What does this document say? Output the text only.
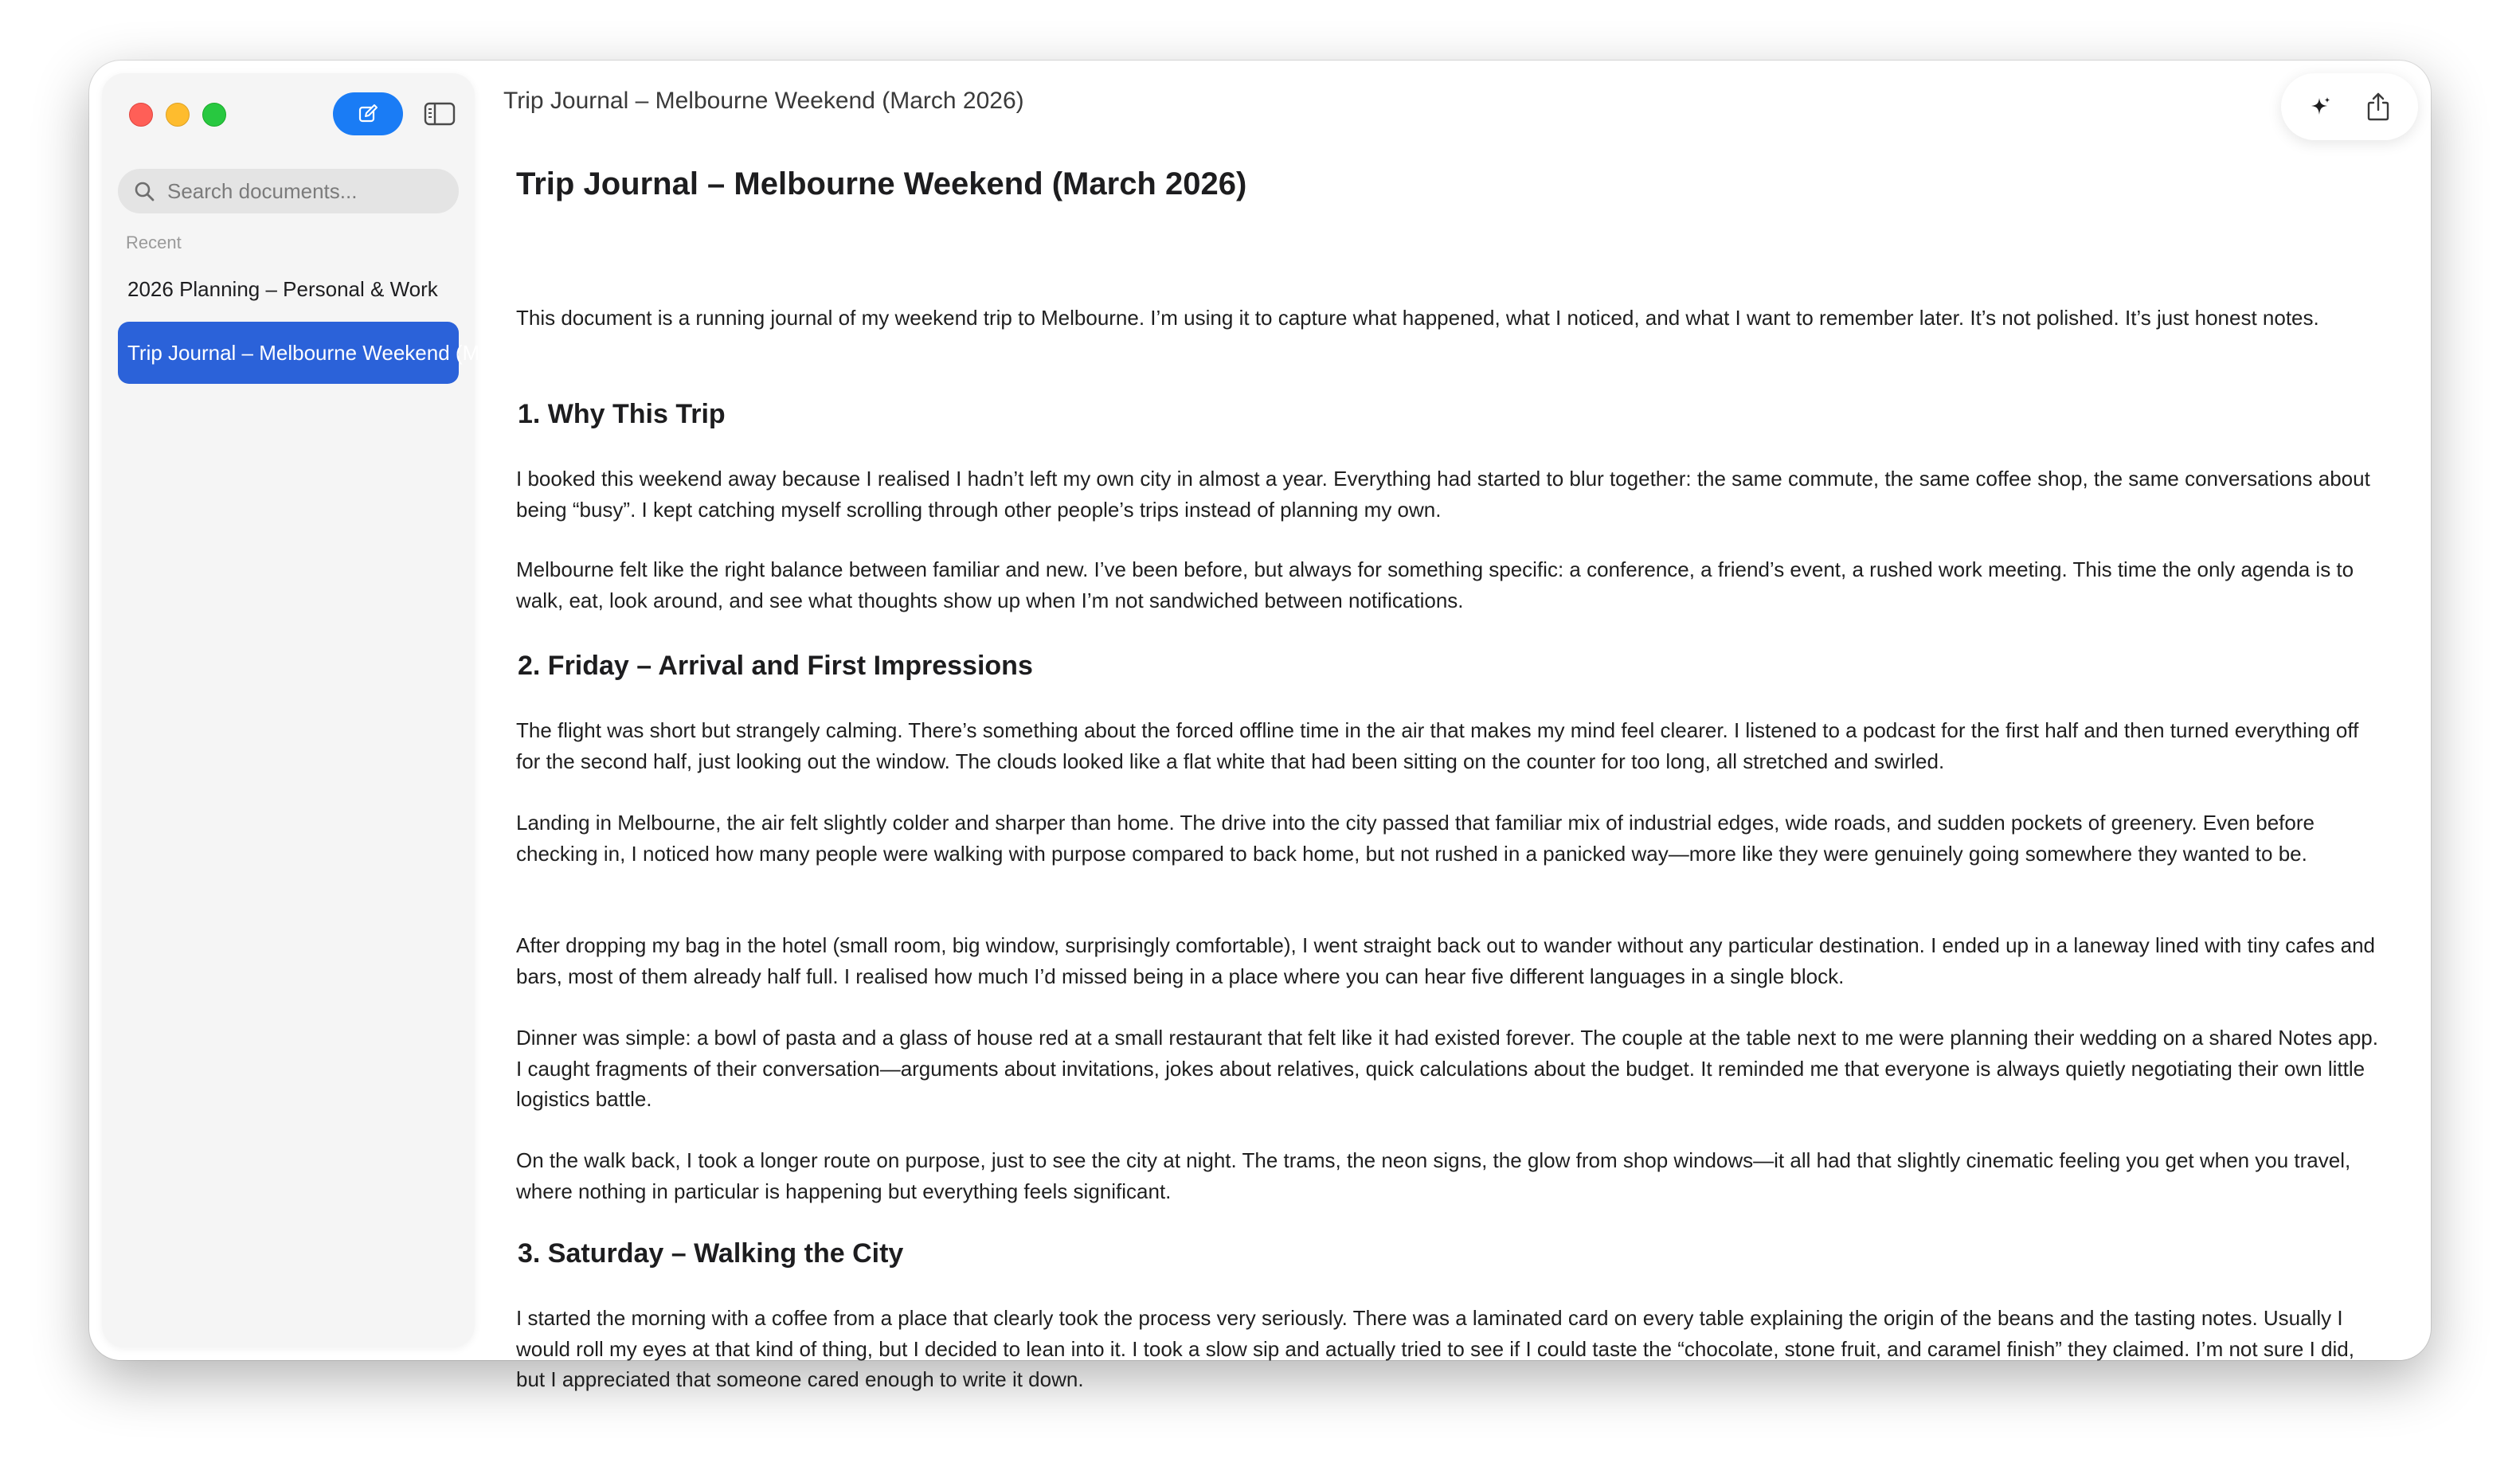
Search documents...
Recent
2026 Planning – Personal & Work
Trip Journal – Melbourne Weekend (March 2026)
Trip Journal – Melbourne Weekend (March 2026)
Trip Journal – Melbourne Weekend (March 2026)

This document is a running journal of my weekend trip to Melbourne. I’m using it to capture what happened, what I noticed, and what I want to remember later. It’s not polished. It’s just honest notes.

1. Why This Trip

I booked this weekend away because I realised I hadn’t left my own city in almost a year. Everything had started to blur together: the same commute, the same coffee shop, the same conversations about being “busy”. I kept catching myself scrolling through other people’s trips instead of planning my own.

Melbourne felt like the right balance between familiar and new. I’ve been before, but always for something specific: a conference, a friend’s event, a rushed work meeting. This time the only agenda is to walk, eat, look around, and see what thoughts show up when I’m not sandwiched between notifications.

2. Friday – Arrival and First Impressions

The flight was short but strangely calming. There’s something about the forced offline time in the air that makes my mind feel clearer. I listened to a podcast for the first half and then turned everything off for the second half, just looking out the window. The clouds looked like a flat white that had been sitting on the counter for too long, all stretched and swirled.

Landing in Melbourne, the air felt slightly colder and sharper than home. The drive into the city passed that familiar mix of industrial edges, wide roads, and sudden pockets of greenery. Even before checking in, I noticed how many people were walking with purpose compared to back home, but not rushed in a panicked way—more like they were genuinely going somewhere they wanted to be.

After dropping my bag in the hotel (small room, big window, surprisingly comfortable), I went straight back out to wander without any particular destination. I ended up in a laneway lined with tiny cafes and bars, most of them already half full. I realised how much I’d missed being in a place where you can hear five different languages in a single block.

Dinner was simple: a bowl of pasta and a glass of house red at a small restaurant that felt like it had existed forever. The couple at the table next to me were planning their wedding on a shared Notes app. I caught fragments of their conversation—arguments about invitations, jokes about relatives, quick calculations about the budget. It reminded me that everyone is always quietly negotiating their own little logistics battle.

On the walk back, I took a longer route on purpose, just to see the city at night. The trams, the neon signs, the glow from shop windows—it all had that slightly cinematic feeling you get when you travel, where nothing in particular is happening but everything feels significant.

3. Saturday – Walking the City

I started the morning with a coffee from a place that clearly took the process very seriously. There was a laminated card on every table explaining the origin of the beans and the tasting notes. Usually I would roll my eyes at that kind of thing, but I decided to lean into it. I took a slow sip and actually tried to see if I could taste the “chocolate, stone fruit, and caramel finish” they claimed. I’m not sure I did, but I appreciated that someone cared enough to write it down.
